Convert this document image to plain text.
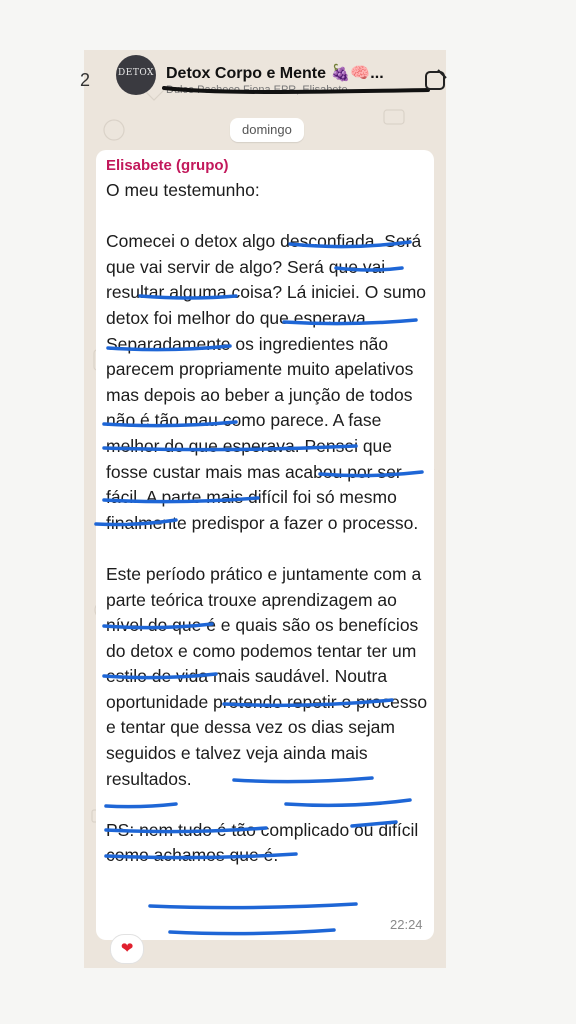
2	DETOX Detox Corpo e Mente 🍇🧠...
Dulce Pacheco Fiona EPR, Elisabete...
domingo
Elisabete (grupo)
O meu testemunho:

Comecei o detox algo desconfiada. Será que vai servir de algo? Será que vai resultar alguma coisa? Lá iniciei. O sumo detox foi melhor do que esperava. Separadamente os ingredientes não parecem propriamente muito apelativos mas depois ao beber a junção de todos não é tão mau como parece. A fase melhor do que esperava. Pensei que fosse custar mais mas acabou por ser fácil. A parte mais difícil foi só mesmo finalmente predispor a fazer o processo.

Este período prático e juntamente com a parte teórica trouxe aprendizagem ao nível do que é e quais são os benefícios do detox e como podemos tentar ter um estilo de vida mais saudável. Noutra oportunidade pretendo repetir o processo e tentar que dessa vez os dias sejam seguidos e talvez veja ainda mais resultados.

PS: nem tudo é tão complicado ou difícil como achamos que é.
22:24
❤
